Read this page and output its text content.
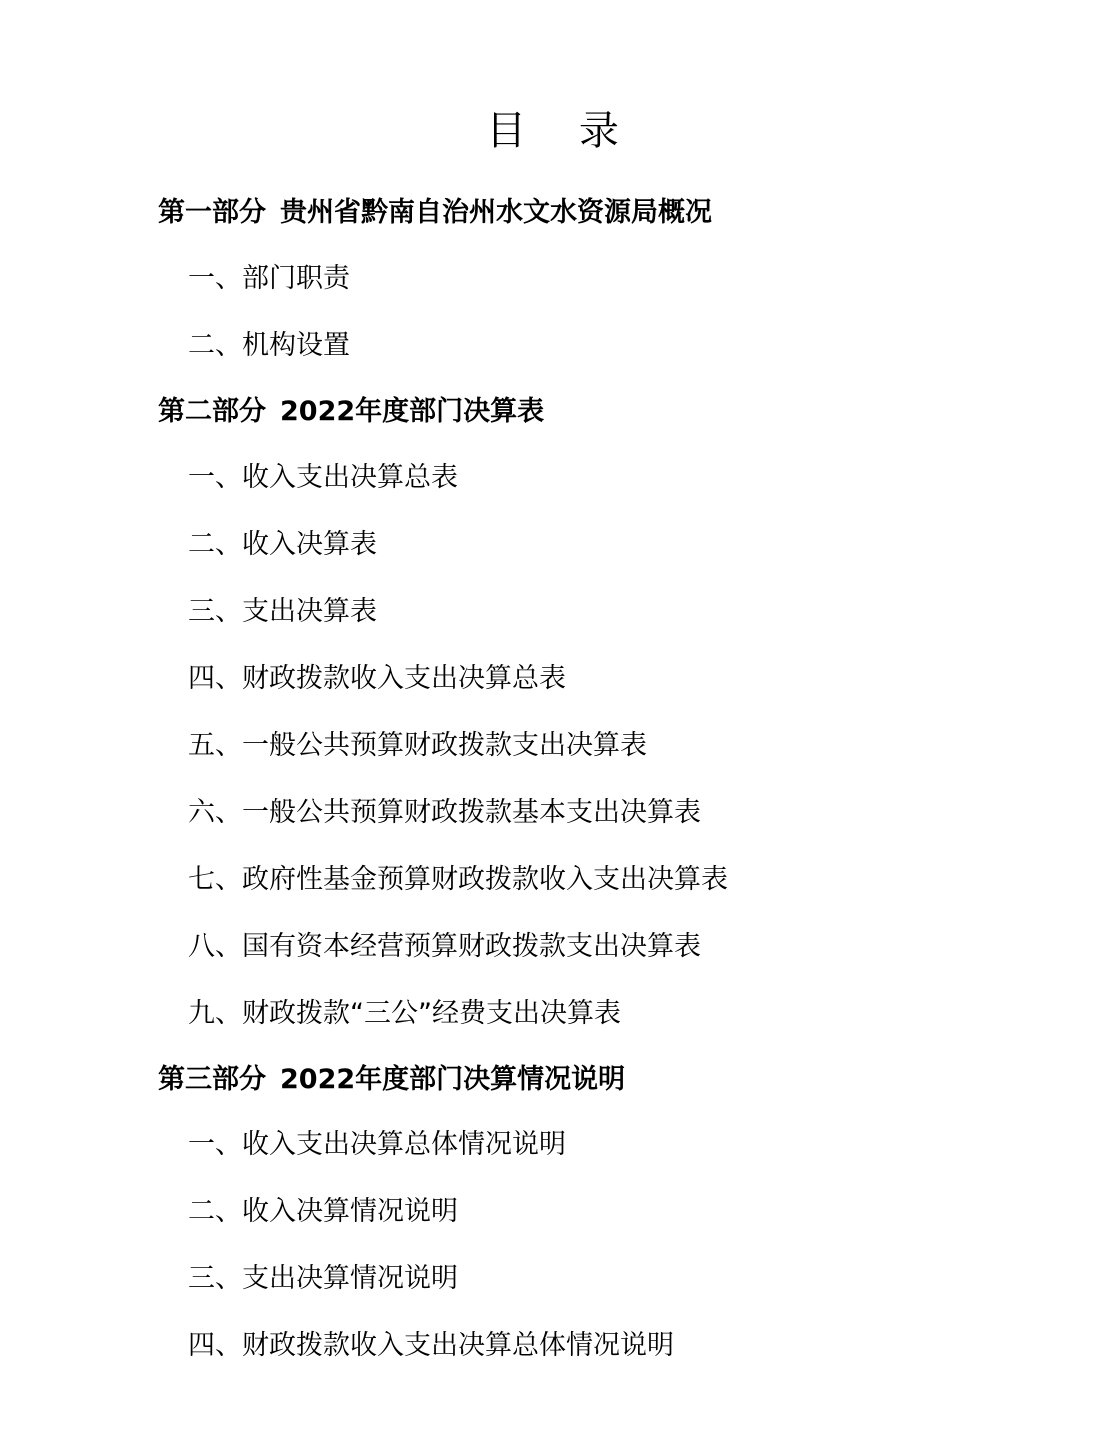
目 录
第一部分 贵州省黔南自治州水文水资源局概况
一、部门职责
二、机构设置
第二部分 2022年度部门决算表
一、收入支出决算总表
二、收入决算表
三、支出决算表
四、财政拨款收入支出决算总表
五、一般公共预算财政拨款支出决算表
六、一般公共预算财政拨款基本支出决算表
七、政府性基金预算财政拨款收入支出决算表
八、国有资本经营预算财政拨款支出决算表
九、财政拨款“三公”经费支出决算表
第三部分 2022年度部门决算情况说明
一、收入支出决算总体情况说明
二、收入决算情况说明
三、支出决算情况说明
四、财政拨款收入支出决算总体情况说明
